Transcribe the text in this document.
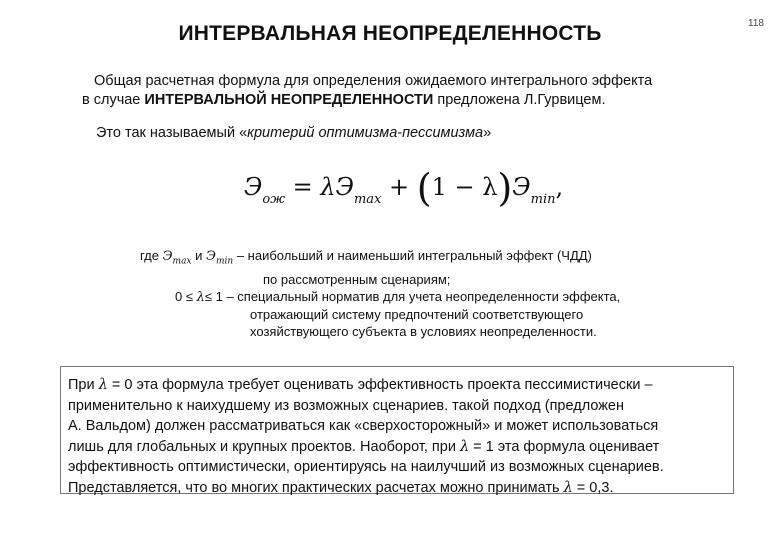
118
ИНТЕРВАЛЬНАЯ НЕОПРЕДЕЛЕННОСТЬ
Общая расчетная формула для определения ожидаемого интегрального эффекта
в случае ИНТЕРВАЛЬНОЙ НЕОПРЕДЕЛЕННОСТИ предложена Л.Гурвицем.
Это так называемый «критерий оптимизма-пессимизма»
$Э_{ож} = \lambda Э_{max} + (1 - \lambda)Э_{min}$,
где $Э_{max}$ и $Э_{min}$ – наибольший и наименьший интегральный эффект (ЧДД)
по рассмотренным сценариям;
0 ≤ λ≤ 1 – специальный норматив для учета неопределенности эффекта,
отражающий систему предпочтений соответствующего
хозяйствующего субъекта в условиях неопределенности.
При λ = 0 эта формула требует оценивать эффективность проекта пессимистически –
применительно к наихудшему из возможных сценариев. такой подход (предложен
А. Вальдом) должен рассматриваться как «сверхосторожный» и может использоваться
лишь для глобальных и крупных проектов. Наоборот, при λ = 1 эта формула оценивает
эффективность оптимистически, ориентируясь на наилучший из возможных сценариев.
Представляется, что во многих практических расчетах можно принимать λ = 0,3.
